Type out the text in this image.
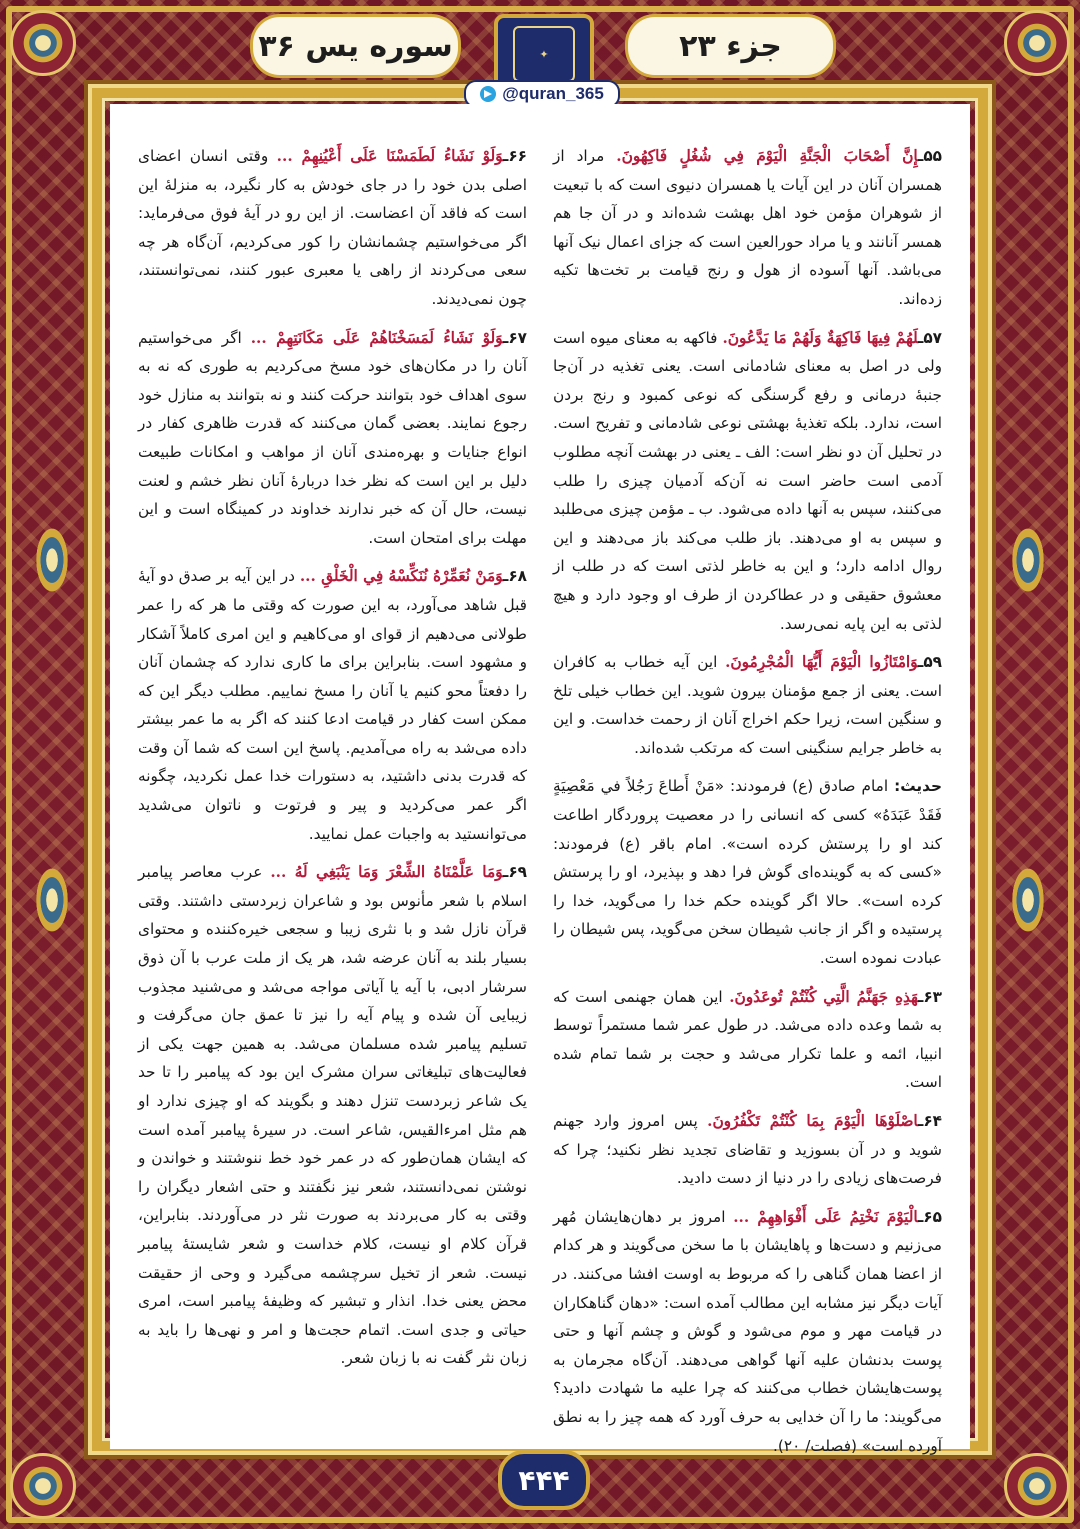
سوره یس ۳۶	✦	جزء ۲۳
@quran_365

۵۵ـإِنَّ أَصْحَابَ الْجَنَّةِ الْيَوْمَ فِي شُغُلٍ فَاكِهُونَ. مراد از همسران آنان در این آیات یا همسران دنیوی است که با تبعیت از شوهران مؤمن خود اهل بهشت شده‌اند و در آن جا هم همسر آنانند و یا مراد حورالعین است که جزای اعمال نیک آنها می‌باشد. آنها آسوده از هول و رنج قیامت بر تخت‌ها تکیه زده‌اند.

۵۷ـلَهُمْ فِيهَا فَاكِهَةٌ وَلَهُمْ مَا يَدَّعُونَ. فاکهه به معنای میوه است ولی در اصل به معنای شادمانی است. یعنی تغذیه در آن‌جا جنبهٔ درمانی و رفع گرسنگی که نوعی کمبود و رنج بردن است، ندارد. بلکه تغذیهٔ بهشتی نوعی شادمانی و تفریح است. در تحلیل آن دو نظر است: الف ـ یعنی در بهشت آنچه مطلوب آدمی است حاضر است نه آن‌که آدمیان چیزی را طلب می‌کنند، سپس به آنها داده می‌شود. ب ـ مؤمن چیزی می‌طلبد و سپس به او می‌دهند. باز طلب می‌کند باز می‌دهند و این روال ادامه دارد؛ و این به خاطر لذتی است که در طلب از معشوق حقیقی و در عطاکردن از طرف او وجود دارد و هیچ لذتی به این پایه نمی‌رسد.

۵۹ـوَامْتَازُوا الْيَوْمَ أَيُّهَا الْمُجْرِمُونَ. این آیه خطاب به کافران است. یعنی از جمع مؤمنان بیرون شوید. این خطاب خیلی تلخ و سنگین است، زیرا حکم اخراج آنان از رحمت خداست. و این به خاطر جرایم سنگینی است که مرتکب شده‌اند.

حدیث: امام صادق (ع) فرمودند: «مَنْ أَطاعَ رَجُلاً في مَعْصِيَةٍ فَقَدْ عَبَدَهُ» کسی که انسانی را در معصیت پروردگار اطاعت کند او را پرستش کرده است». امام باقر (ع) فرمودند: «کسی که به گوینده‌ای گوش فرا دهد و بپذیرد، او را پرستش کرده است». حالا اگر گوینده حکم خدا را می‌گوید، خدا را پرستیده و اگر از جانب شیطان سخن می‌گوید، پس شیطان را عبادت نموده است.

۶۳ـهَذِهِ جَهَنَّمُ الَّتِي كُنْتُمْ تُوعَدُونَ. این همان جهنمی است که به شما وعده داده می‌شد. در طول عمر شما مستمراً توسط انبیا، ائمه و علما تکرار می‌شد و حجت بر شما تمام شده است.

۶۴ـاصْلَوْهَا الْيَوْمَ بِمَا كُنْتُمْ تَكْفُرُونَ. پس امروز وارد جهنم شوید و در آن بسوزید و تقاضای تجدید نظر نکنید؛ چرا که فرصت‌های زیادی را در دنیا از دست دادید.

۶۵ـالْيَوْمَ نَخْتِمُ عَلَى أَفْوَاهِهِمْ ... امروز بر دهان‌هایشان مُهر می‌زنیم و دست‌ها و پاهایشان با ما سخن می‌گویند و هر کدام از اعضا همان گناهی را که مربوط به اوست افشا می‌کنند. در آیات دیگر نیز مشابه این مطالب آمده است: «دهان گناهکاران در قیامت مهر و موم می‌شود و گوش و چشم آنها و حتی پوست بدنشان علیه آنها گواهی می‌دهند. آن‌گاه مجرمان به پوست‌هایشان خطاب می‌کنند که چرا علیه ما شهادت دادید؟ می‌گویند: ما را آن خدایی به حرف آورد که همه چیز را به نطق آورده است» (فصلت/ ۲۰).

۶۶ـوَلَوْ نَشَاءُ لَطَمَسْنَا عَلَى أَعْيُنِهِمْ ... وقتی انسان اعضای اصلی بدن خود را در جای خودش به کار نگیرد، به منزلهٔ این است که فاقد آن اعضاست. از این رو در آیهٔ فوق می‌فرماید: اگر می‌خواستیم چشمانشان را کور می‌کردیم، آن‌گاه هر چه سعی می‌کردند از راهی یا معبری عبور کنند، نمی‌توانستند، چون نمی‌دیدند.

۶۷ـوَلَوْ نَشَاءُ لَمَسَخْنَاهُمْ عَلَى مَكَانَتِهِمْ ... اگر می‌خواستیم آنان را در مکان‌های خود مسخ می‌کردیم به طوری که نه به سوی اهداف خود بتوانند حرکت کنند و نه بتوانند به منازل خود رجوع نمایند. بعضی گمان می‌کنند که قدرت ظاهری کفار در انواع جنایات و بهره‌مندی آنان از مواهب و امکانات طبیعت دلیل بر این است که نظر خدا دربارهٔ آنان نظر خشم و لعنت نیست، حال آن که خبر ندارند خداوند در کمینگاه است و این مهلت برای امتحان است.

۶۸ـوَمَنْ نُعَمِّرْهُ نُنَكِّسْهُ فِي الْخَلْقِ ... در این آیه بر صدق دو آیهٔ قبل شاهد می‌آورد، به این صورت که وقتی ما هر که را عمر طولانی می‌دهیم از قوای او می‌کاهیم و این امری کاملاً آشکار و مشهود است. بنابراین برای ما کاری ندارد که چشمان آنان را دفعتاً محو کنیم یا آنان را مسخ نماییم. مطلب دیگر این که ممکن است کفار در قیامت ادعا کنند که اگر به ما عمر بیشتر داده می‌شد به راه می‌آمدیم. پاسخ این است که شما آن وقت که قدرت بدنی داشتید، به دستورات خدا عمل نکردید، چگونه اگر عمر می‌کردید و پیر و فرتوت و ناتوان می‌شدید می‌توانستید به واجبات عمل نمایید.

۶۹ـوَمَا عَلَّمْنَاهُ الشِّعْرَ وَمَا يَنْبَغِي لَهُ ... عرب معاصر پیامبر اسلام با شعر مأنوس بود و شاعران زبردستی داشتند. وقتی قرآن نازل شد و با نثری زیبا و سجعی خیره‌کننده و محتوای بسیار بلند به آنان عرضه شد، هر یک از ملت عرب با آن ذوق سرشار ادبی، با آیه یا آیاتی مواجه می‌شد و می‌شنید مجذوب زیبایی آن شده و پیام آیه را نیز تا عمق جان می‌گرفت و تسلیم پیامبر شده مسلمان می‌شد. به همین جهت یکی از فعالیت‌های تبلیغاتی سران مشرک این بود که پیامبر را تا حد یک شاعر زبردست تنزل دهند و بگویند که او چیزی ندارد او هم مثل امرءالقیس، شاعر است. در سیرهٔ پیامبر آمده است که ایشان همان‌طور که در عمر خود خط ننوشتند و خواندن و نوشتن نمی‌دانستند، شعر نیز نگفتند و حتی اشعار دیگران را وقتی به کار می‌بردند به صورت نثر در می‌آوردند. بنابراین، قرآن کلام او نیست، کلام خداست و شعر شایستهٔ پیامبر نیست. شعر از تخیل سرچشمه می‌گیرد و وحی از حقیقت محض یعنی خدا. انذار و تبشیر که وظیفهٔ پیامبر است، امری حیاتی و جدی است. اتمام حجت‌ها و امر و نهی‌ها را باید به زبان نثر گفت نه با زبان شعر.

۴۴۴
